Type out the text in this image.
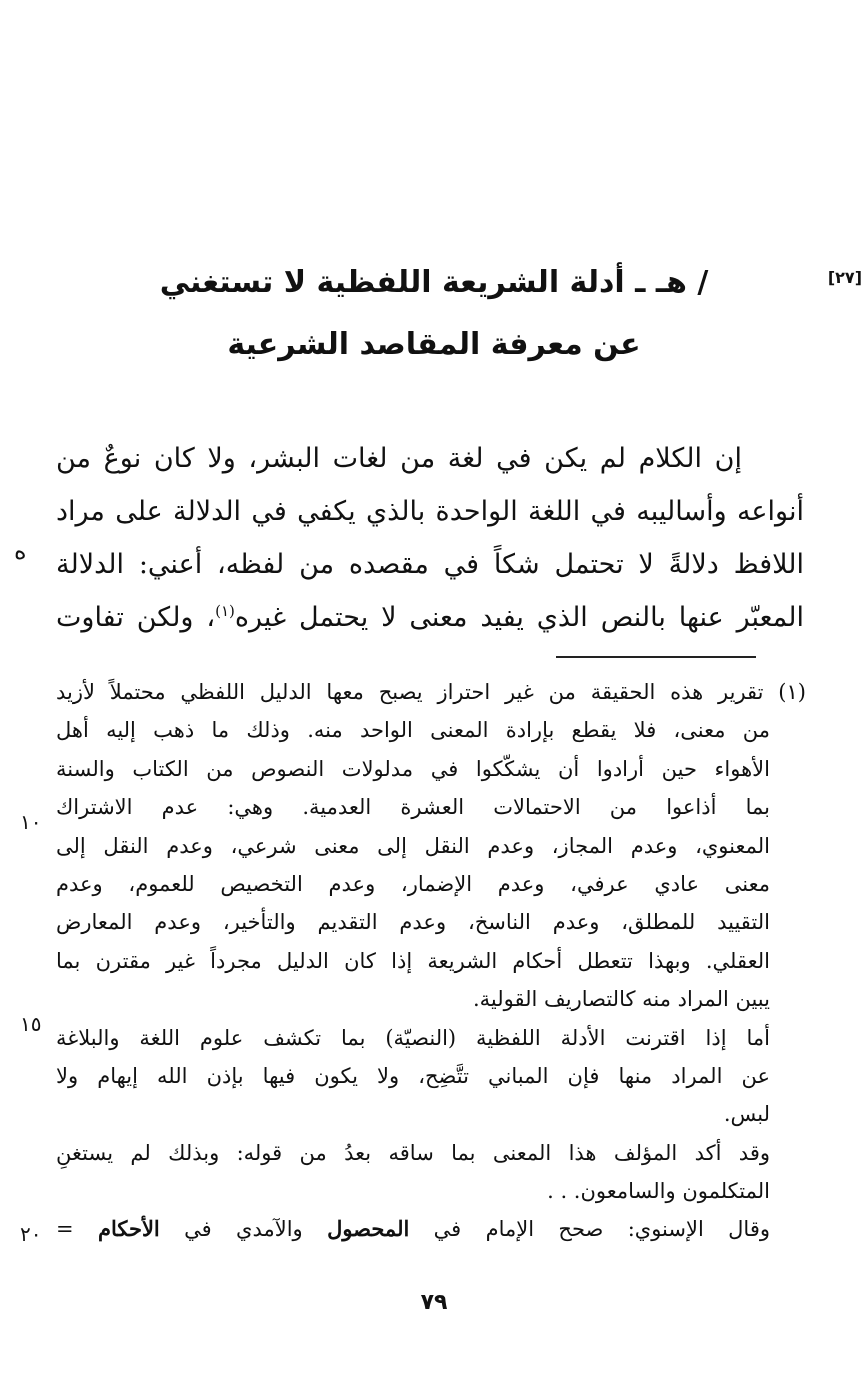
[٢٧]
/ هـ ـ أدلة الشريعة اللفظية لا تستغني
عن معرفة المقاصد الشرعية
إن الكلام لم يكن في لغة من لغات البشر، ولا كان نوعٌ من
أنواعه وأساليبه في اللغة الواحدة بالذي يكفي في الدلالة على مراد
اللافظ دلالةً لا تحتمل شكاً في مقصده من لفظه، أعني: الدلالة
المعبّر عنها بالنص الذي يفيد معنى لا يحتمل غيره$^{(١)}$، ولكن تفاوت
(١) تقرير هذه الحقيقة من غير احتراز يصبح معها الدليل اللفظي محتملاً لأزيد
من معنى، فلا يقطع بإرادة المعنى الواحد منه. وذلك ما ذهب إليه أهل
الأهواء حين أرادوا أن يشكّكوا في مدلولات النصوص من الكتاب والسنة
بما أذاعوا من الاحتمالات العشرة العدمية. وهي: عدم الاشتراك
المعنوي، وعدم المجاز، وعدم النقل إلى معنى شرعي، وعدم النقل إلى
معنى عادي عرفي، وعدم الإضمار، وعدم التخصيص للعموم، وعدم
التقييد للمطلق، وعدم الناسخ، وعدم التقديم والتأخير، وعدم المعارض
العقلي. وبهذا تتعطل أحكام الشريعة إذا كان الدليل مجرداً غير مقترن بما
يبين المراد منه كالتصاريف القولية.
أما إذا اقترنت الأدلة اللفظية (النصيّة) بما تكشف علوم اللغة والبلاغة
عن المراد منها فإن المباني تتَّضِح، ولا يكون فيها بإذن الله إيهام ولا
لبس.
وقد أكد المؤلف هذا المعنى بما ساقه بعدُ من قوله: وبذلك لم يستغنِ
المتكلمون والسامعون. . .
وقال الإسنوي: صحح الإمام في المحصول والآمدي في الأحكام =
ه
١٠
١٥
٢٠
٧٩
